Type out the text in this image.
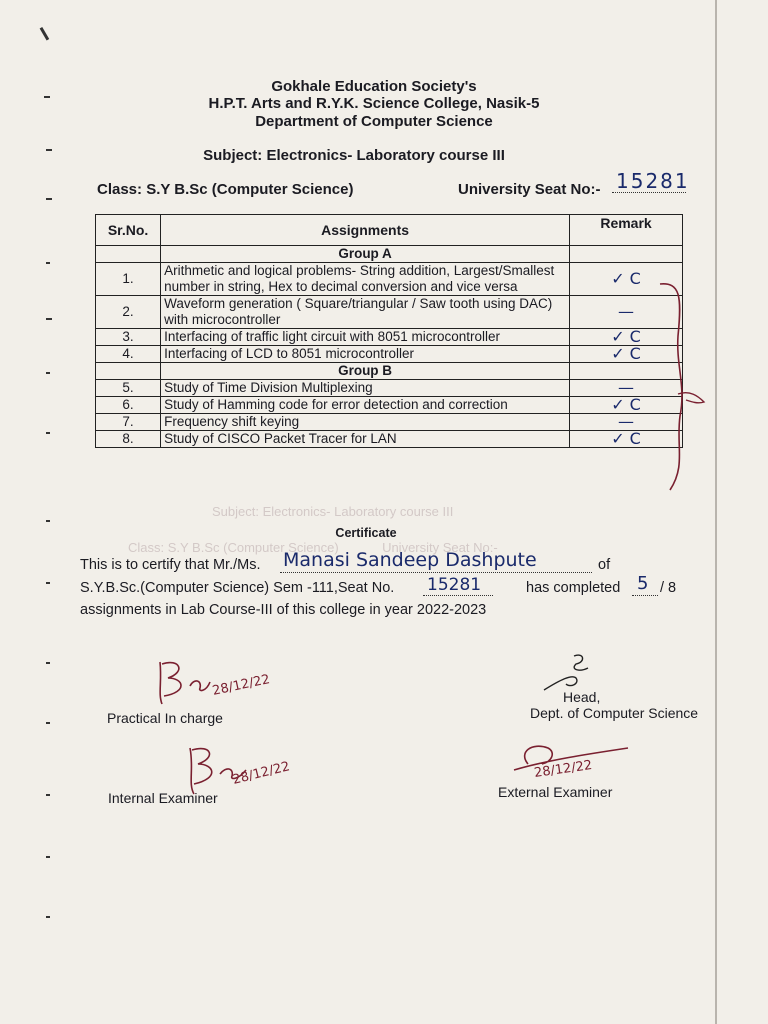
Subject: Electronics- Laboratory course III
Class: S.Y B.Sc (Computer Science)            University Seat No:-
Gokhale Education Society's
H.P.T. Arts and R.Y.K. Science College, Nasik-5
Department of Computer Science
Subject: Electronics- Laboratory course III
Class: S.Y B.Sc (Computer Science)	University Seat No:- 15281
Sr.No.	Assignments	Remark
	Group A	
1.	Arithmetic and logical problems- String addition, Largest/Smallest number in string, Hex to decimal conversion and vice versa	✓ C
2.	Waveform generation ( Square/triangular / Saw tooth using DAC) with microcontroller	—
3.	Interfacing of traffic light circuit with 8051 microcontroller	✓ C
4.	Interfacing of LCD to 8051 microcontroller	✓ C
	Group B	
5.	Study of Time Division Multiplexing	—
6.	Study of Hamming code for error detection and correction	✓ C
7.	Frequency shift keying	—
8.	Study of CISCO Packet Tracer for LAN	✓ C
Certificate
This is to certify that Mr./Ms. Manasi Sandeep Dashpute	of
S.Y.B.Sc.(Computer Science) Sem -111,Seat No. 15281	has completed 5 / 8
assignments in Lab Course-III of this college in year 2022-2023
28/12/22
Practical In charge
Head,
Dept. of Computer Science
28/12/22
Internal Examiner
28/12/22
External Examiner
